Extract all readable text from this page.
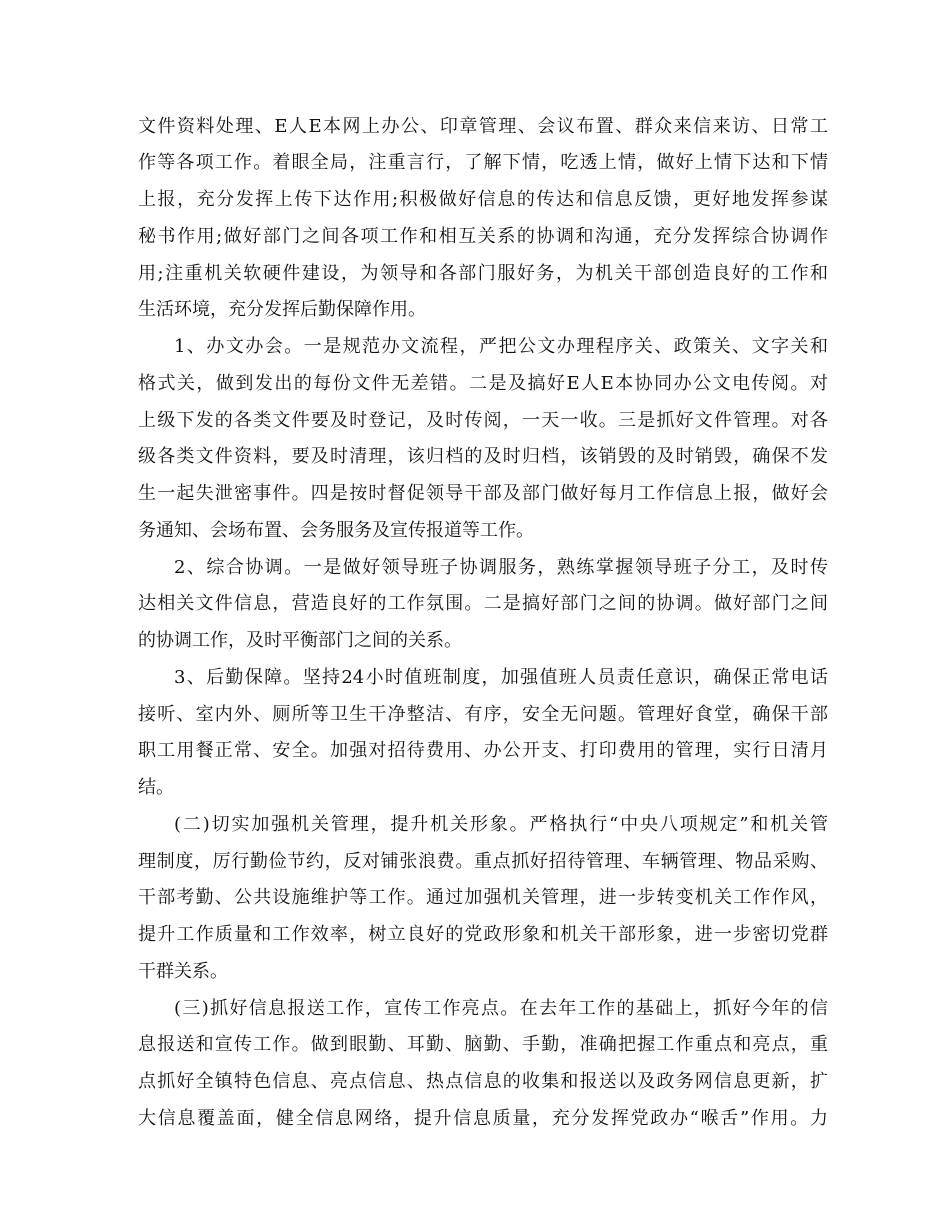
文件资料处理、E人E本网上办公、印章管理、会议布置、群众来信来访、日常工
作等各项工作。着眼全局，注重言行，了解下情，吃透上情，做好上情下达和下情
上报，充分发挥上传下达作用;积极做好信息的传达和信息反馈，更好地发挥参谋
秘书作用;做好部门之间各项工作和相互关系的协调和沟通，充分发挥综合协调作
用;注重机关软硬件建设，为领导和各部门服好务，为机关干部创造良好的工作和
生活环境，充分发挥后勤保障作用。
1、办文办会。一是规范办文流程，严把公文办理程序关、政策关、文字关和
格式关，做到发出的每份文件无差错。二是及搞好E人E本协同办公文电传阅。对
上级下发的各类文件要及时登记，及时传阅，一天一收。三是抓好文件管理。对各
级各类文件资料，要及时清理，该归档的及时归档，该销毁的及时销毁，确保不发
生一起失泄密事件。四是按时督促领导干部及部门做好每月工作信息上报，做好会
务通知、会场布置、会务服务及宣传报道等工作。
2、综合协调。一是做好领导班子协调服务，熟练掌握领导班子分工，及时传
达相关文件信息，营造良好的工作氛围。二是搞好部门之间的协调。做好部门之间
的协调工作，及时平衡部门之间的关系。
3、后勤保障。坚持24小时值班制度，加强值班人员责任意识，确保正常电话
接听、室内外、厕所等卫生干净整洁、有序，安全无问题。管理好食堂，确保干部
职工用餐正常、安全。加强对招待费用、办公开支、打印费用的管理，实行日清月
结。
(二)切实加强机关管理，提升机关形象。严格执行“中央八项规定”和机关管
理制度，厉行勤俭节约，反对铺张浪费。重点抓好招待管理、车辆管理、物品采购、
干部考勤、公共设施维护等工作。通过加强机关管理，进一步转变机关工作作风，
提升工作质量和工作效率，树立良好的党政形象和机关干部形象，进一步密切党群
干群关系。
(三)抓好信息报送工作，宣传工作亮点。在去年工作的基础上，抓好今年的信
息报送和宣传工作。做到眼勤、耳勤、脑勤、手勤，准确把握工作重点和亮点，重
点抓好全镇特色信息、亮点信息、热点信息的收集和报送以及政务网信息更新，扩
大信息覆盖面，健全信息网络，提升信息质量，充分发挥党政办“喉舌”作用。力
